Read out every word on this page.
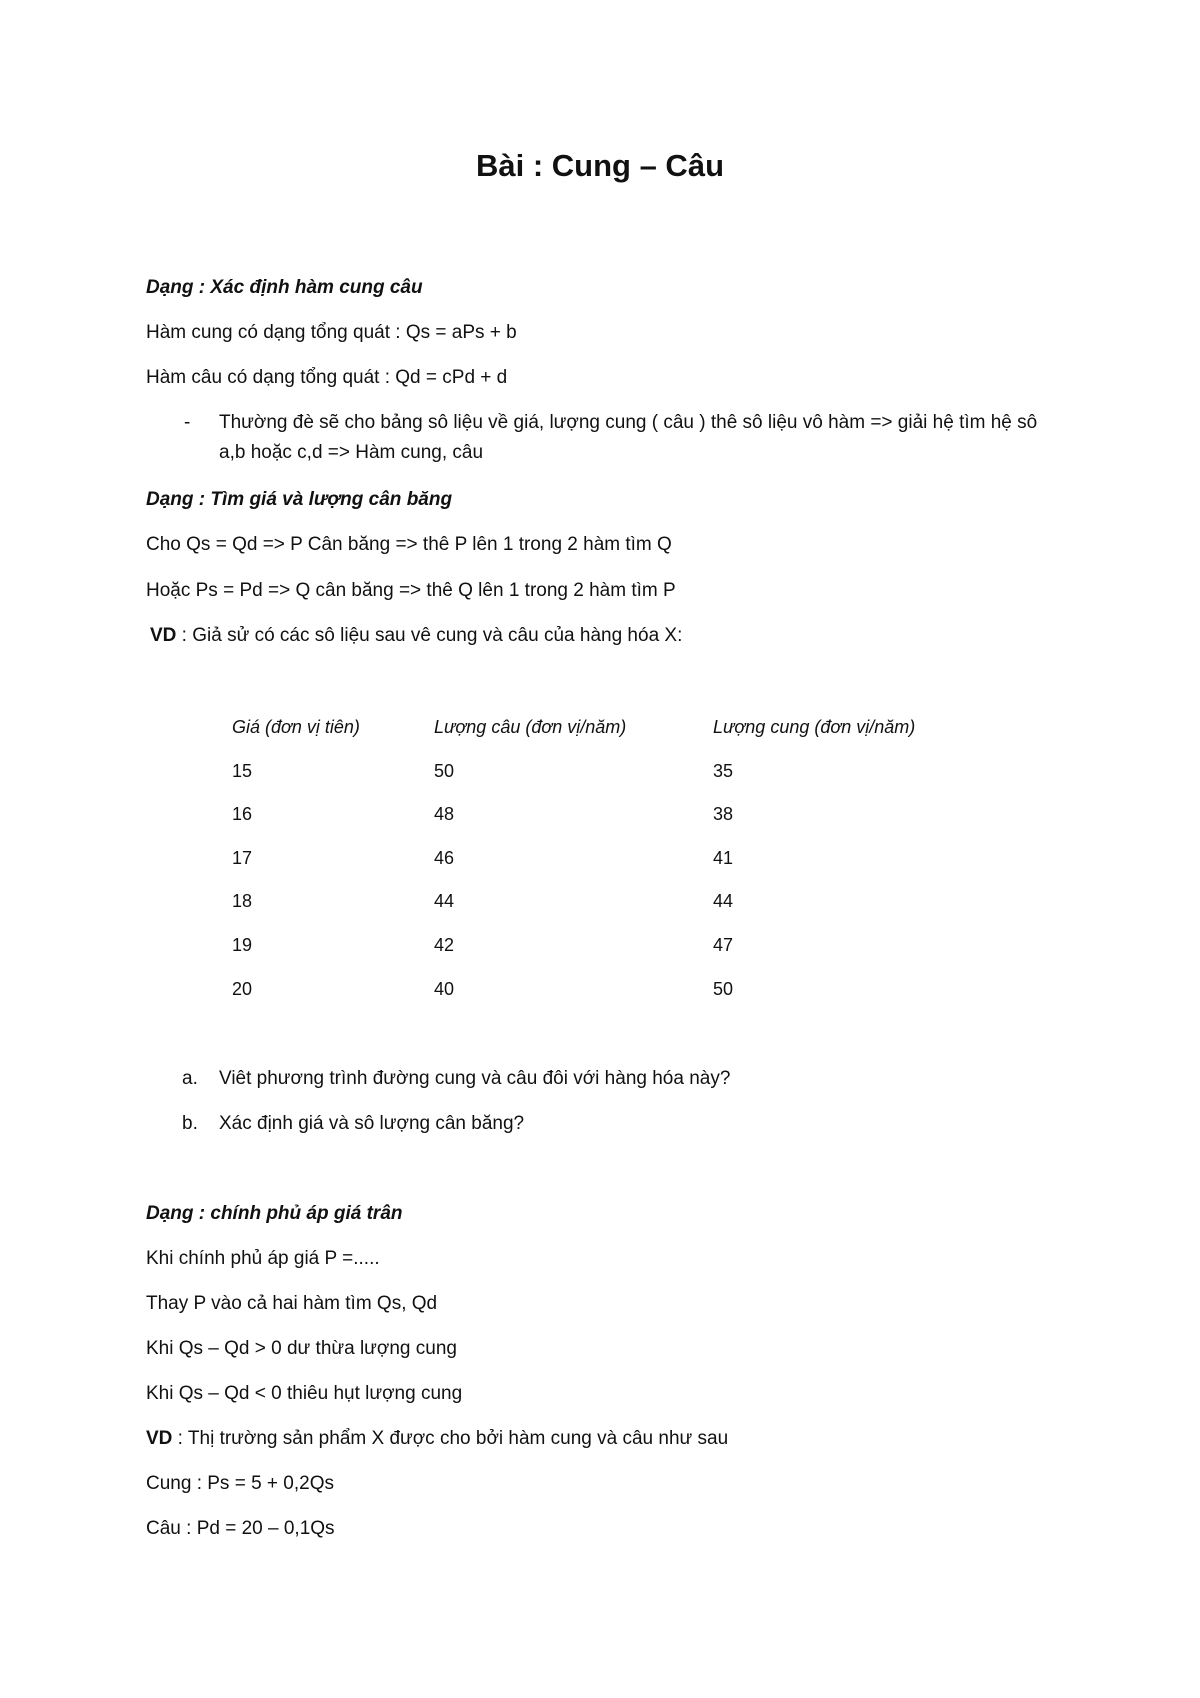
Bài : Cung – Câu
Dạng : Xác định hàm cung câu
Hàm cung có dạng tổng quát : Qs = aPs + b
Hàm câu có dạng tổng quát : Qd = cPd + d
- Thường đè sẽ cho bảng sô liệu về giá, lượng cung ( câu ) thê sô liệu vô hàm => giải hệ tìm hệ sô a,b hoặc c,d => Hàm cung, câu
Dạng : Tìm giá và lượng cân băng
Cho Qs = Qd => P Cân băng => thê P lên 1 trong 2 hàm tìm Q
Hoặc Ps = Pd => Q cân băng => thê Q lên 1 trong 2 hàm tìm P
VD : Giả sử có các sô liệu sau vê cung và câu của hàng hóa X:
Giá (đơn vị tiên)	Lượng câu (đơn vị/năm)	Lượng cung (đơn vị/năm)
15	50	35
16	48	38
17	46	41
18	44	44
19	42	47
20	40	50
a. Viêt phương trình đường cung và câu đôi với hàng hóa này?
b. Xác định giá và sô lượng cân băng?
Dạng : chính phủ áp giá trân
Khi chính phủ áp giá P =.....
Thay P vào cả hai hàm tìm Qs, Qd
Khi Qs – Qd > 0 dư thừa lượng cung
Khi Qs – Qd < 0 thiêu hụt lượng cung
VD : Thị trường sản phẩm X được cho bởi hàm cung và câu như sau
Cung : Ps = 5 + 0,2Qs
Câu : Pd = 20 – 0,1Qs
